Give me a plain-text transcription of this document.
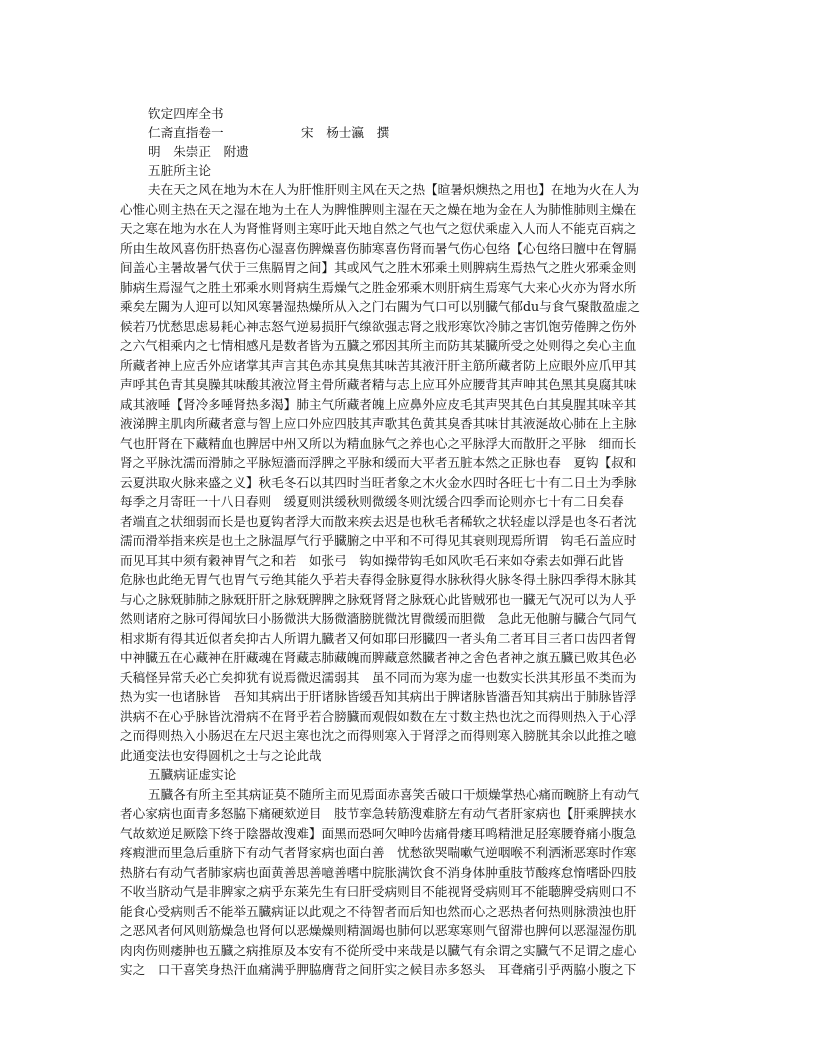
钦定四库全书
仁斋直指卷一	宋　杨士瀛　撰
明　朱崇正　附遗
五脏所主论
夫在天之风在地为木在人为肝惟肝则主风在天之热【暄暑炽燠热之用也】在地为火在人为
心惟心则主热在天之湿在地为土在人为脾惟脾则主湿在天之燥在地为金在人为肺惟肺则主燥在
天之寒在地为水在人为肾惟肾则主寒吁此天地自然之气也气之愆伏乘虚入人而人不能克百病之
所由生故风喜伤肝热喜伤心湿喜伤脾燥喜伤肺寒喜伤肾而暑气伤心包络【心包络曰膻中在胷膈
间盖心主暑故暑气伏于三焦膈胃之间】其或风气之胜木邪乘土则脾病生焉热气之胜火邪乘金则
肺病生焉湿气之胜土邪乘水则肾病生焉燥气之胜金邪乘木则肝病生焉寒气大来心火亦为肾水所
乘矣左闗为人迎可以知风寒暑湿热燥所从入之门右闗为气口可以别臓气郁du与食气聚散盈虚之
候若乃忧愁思虑易耗心神志怒气逆易损肝气缐欲强志肾之戕形寒饮冷肺之害饥饱劳倦脾之伤外
之六气相乘内之七情相感凡是数者皆为五臓之邪因其所主而防其某臓所受之处则得之矣心主血
所藏者神上应舌外应诸掌其声言其色赤其臭焦其味苦其液汗肝主筋所藏者防上应眼外应爪甲其
声呼其色青其臭臊其味酸其液泣肾主骨所藏者精与志上应耳外应腰背其声呻其色黑其臭腐其味
咸其液唾【肾冷多唾肾热多渴】肺主气所藏者魄上应鼻外应皮毛其声哭其色白其臭腥其味辛其
液涕脾主肌肉所藏者意与智上应口外应四肢其声歌其色黄其臭香其味甘其液涎故心肺在上主脉
气也肝肾在下藏精血也脾居中州又所以为精血脉气之养也心之平脉浮大而散肝之平脉　细而长
肾之平脉沈濡而滑肺之平脉短濇而浮脾之平脉和缓而大平者五脏本然之正脉也春　夏钩【叔和
云夏洪取火脉来盛之义】秋毛冬石以其四时当旺者象之木火金水四时各旺七十有二日土为季脉
每季之月寄旺一十八日春则　缓夏则洪缓秋则微缓冬则沈缓合四季而论则亦七十有二日矣春
者端直之状细弱而长是也夏钩者浮大而散来疾去迟是也秋毛者稀软之状轻虚以浮是也冬石者沈
濡而滑举指来疾是也土之脉温厚气行乎臓腑之中平和不可得见其衰则现焉所谓　钩毛石盖应时
而见耳其中须有穀神胃气之和若　如张弓　钩如操带钩毛如风吹毛石来如夺索去如弾石此皆
危脉也此绝无胃气也胃气亏绝其能久乎若夫春得金脉夏得水脉秋得火脉冬得土脉四季得木脉其
与心之脉兓肺肺之脉兓肝肝之脉兓脾脾之脉兓肾肾之脉兓心此皆贼邪也一臓无气况可以为人乎
然则诸府之脉可得闻欤曰小肠微洪大肠微濇膀胱微沈胃微缓而胆微　急此无他腑与臓合气同气
相求斯有得其近似者矣抑古人所谓九臓者又何如耶曰形臓四一者头角二者耳目三者口齿四者胷
中神臓五在心藏神在肝藏魂在肾藏志肺藏魄而脾藏意然臓者神之舍色者神之旗五臓已败其色必
夭稿怪异常夭必亡矣抑犹有说焉微迟濡弱其　虽不同而为寒为虚一也数实长洪其形虽不类而为
热为实一也诸脉皆　吾知其病出于肝诸脉皆缓吾知其病出于脾诸脉皆濇吾知其病出于肺脉皆浮
洪病不在心乎脉皆沈滑病不在肾乎若合膀臓而观假如数在左寸数主热也沈之而得则热入于心浮
之而得则热入小肠迟在左尺迟主寒也沈之而得则寒入于肾浮之而得则寒入膀胱其余以此推之噫
此通变法也安得圆机之士与之论此哉
五臓病证虚实论
五臓各有所主至其病证莫不随所主而见焉面赤喜笑舌破口干烦燥掌热心痛而畹脐上有动气
者心家病也面青多怒脇下痛硬欬逆目　肢节挛急转筋溲难脐左有动气者肝家病也【肝乘脾挟水
气故欬逆足厥陰下终于陰器故溲难】面黑而恐呵欠呻吟齿痛骨痿耳鸣精泄足胫寒腰脊痛小腹急
疼瘕泄而里急后重脐下有动气者肾家病也面白善　忧愁欲哭喘嗽气逆咽喉不利洒淅恶寒时作寒
热脐右有动气者肺家病也面黄善思善噫善嗜中脘胀满饮食不消身体肿重肢节酸疼怠惰嗜卧四肢
不收当脐动气是非脾家之病乎东莱先生有曰肝受病则目不能视肾受病则耳不能聴脾受病则口不
能食心受病则舌不能举五臓病证以此观之不待智者而后知也然而心之恶热者何热则脉溃浊也肝
之恶风者何风则筋燥急也肾何以恶燥燥则精涸竭也肺何以恶寒寒则气留滞也脾何以恶湿湿伤肌
肉肉伤则痿肿也五臓之病推原及本安有不從所受中来哉是以臓气有余谓之实臓气不足谓之虚心
实之　口干喜笑身热汗血痛满乎胛脇膺背之间肝实之候目赤多怒头　耳聋痛引乎两脇小腹之下
